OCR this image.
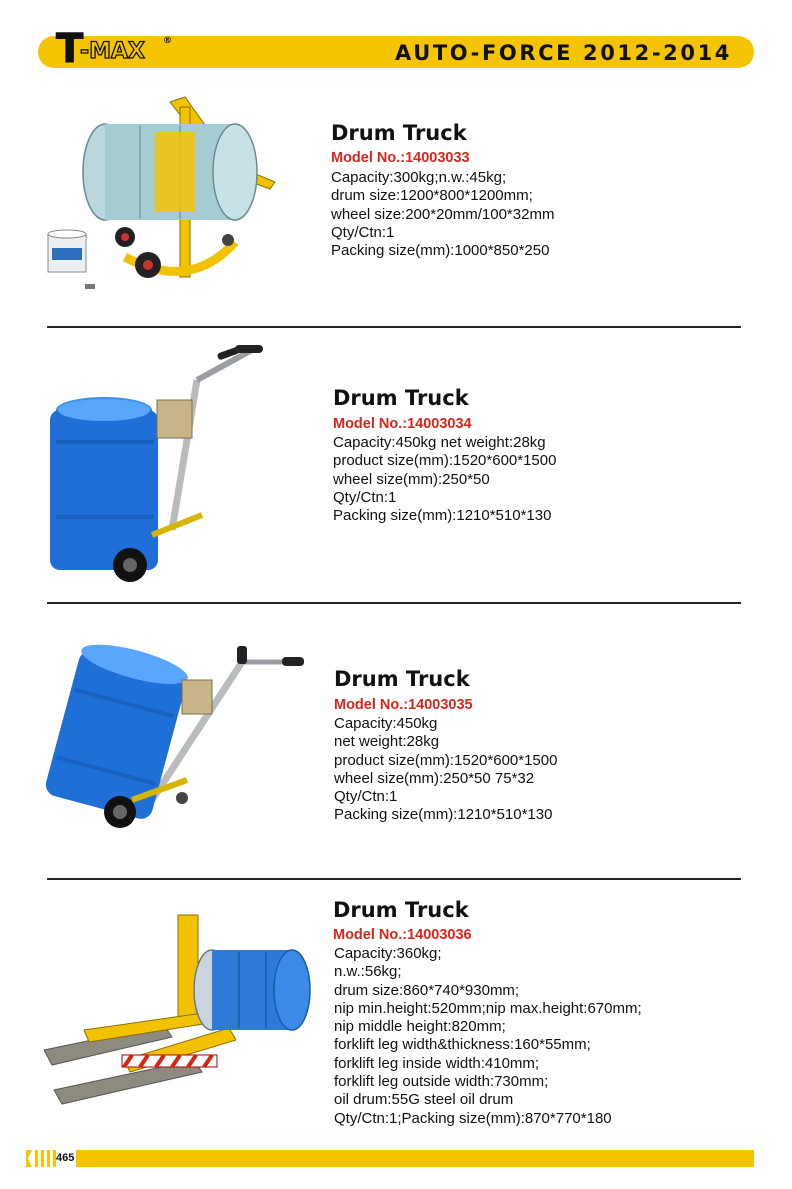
T
-MAX ®	AUTO-FORCE 2012-2014
Drum Truck
Model No.:14003033
Capacity:300kg;n.w.:45kg;
drum size:1200*800*1200mm;
wheel size:200*20mm/100*32mm
Qty/Ctn:1
Packing size(mm):1000*850*250
Drum Truck
Model No.:14003034
Capacity:450kg net weight:28kg
product size(mm):1520*600*1500
wheel size(mm):250*50
Qty/Ctn:1
Packing size(mm):1210*510*130
Drum Truck
Model No.:14003035
Capacity:450kg
net weight:28kg
product size(mm):1520*600*1500
wheel size(mm):250*50 75*32
Qty/Ctn:1
Packing size(mm):1210*510*130
Drum Truck
Model No.:14003036
Capacity:360kg;
n.w.:56kg;
drum size:860*740*930mm;
nip min.height:520mm;nip max.height:670mm;
nip middle height:820mm;
forklift leg width&thickness:160*55mm;
forklift leg inside width:410mm;
forklift leg outside width:730mm;
oil drum:55G steel oil drum
Qty/Ctn:1;Packing size(mm):870*770*180
465
